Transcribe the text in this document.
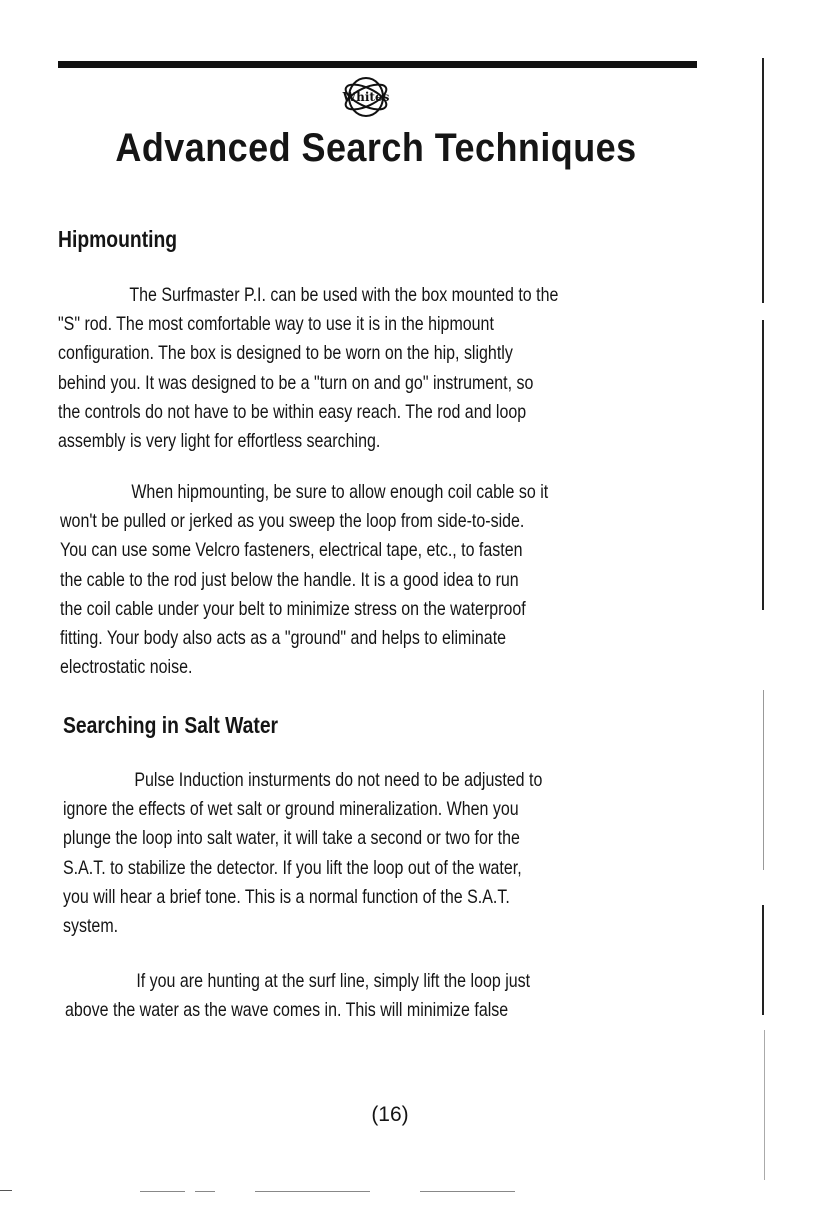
Whites
Advanced Search Techniques
Hipmounting
The Surfmaster P.I. can be used with the box mounted to the
"S" rod. The most comfortable way to use it is in the hipmount
configuration. The box is designed to be worn on the hip, slightly
behind you. It was designed to be a "turn on and go" instrument, so
the controls do not have to be within easy reach. The rod and loop
assembly is very light for effortless searching.
When hipmounting, be sure to allow enough coil cable so it
won't be pulled or jerked as you sweep the loop from side-to-side.
You can use some Velcro fasteners, electrical tape, etc., to fasten
the cable to the rod just below the handle. It is a good idea to run
the coil cable under your belt to minimize stress on the waterproof
fitting. Your body also acts as a "ground" and helps to eliminate
electrostatic noise.
Searching in Salt Water
Pulse Induction insturments do not need to be adjusted to
ignore the effects of wet salt or ground mineralization. When you
plunge the loop into salt water, it will take a second or two for the
S.A.T. to stabilize the detector. If you lift the loop out of the water,
you will hear a brief tone. This is a normal function of the S.A.T.
system.
If you are hunting at the surf line, simply lift the loop just
above the water as the wave comes in. This will minimize false
(16)
